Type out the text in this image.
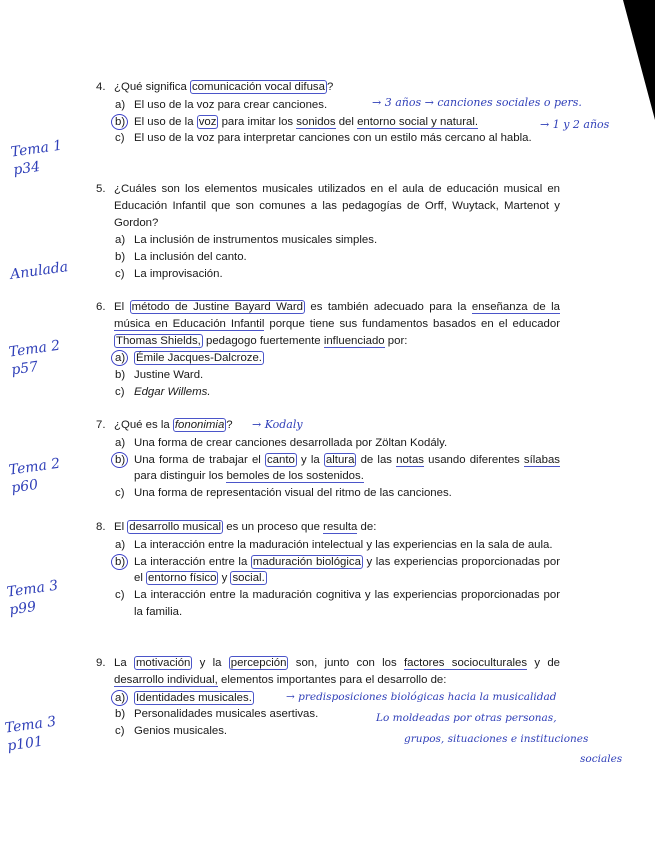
4. ¿Qué significa comunicación vocal difusa ?
a) El uso de la voz para crear canciones.
b) El uso de la voz para imitar los sonidos del entorno social y natural.
c) El uso de la voz para interpretar canciones con un estilo más cercano al habla.
5. ¿Cuáles son los elementos musicales utilizados en el aula de educación musical en Educación Infantil que son comunes a las pedagogías de Orff, Wuytack, Martenot y Gordon?
a) La inclusión de instrumentos musicales simples.
b) La inclusión del canto.
c) La improvisación.
6. El método de Justine Bayard Ward es también adecuado para la enseñanza de la música en Educación Infantil porque tiene sus fundamentos basados en el educador Thomas Shields, pedagogo fuertemente influenciado por:
a) Émile Jacques-Dalcroze.
b) Justine Ward.
c) Edgar Willems.
7. ¿Qué es la fononimia ?
a) Una forma de crear canciones desarrollada por Zöltan Kodály.
b) Una forma de trabajar el canto y la altura de las notas usando diferentes sílabas para distinguir los bemoles de los sostenidos.
c) Una forma de representación visual del ritmo de las canciones.
8. El desarrollo musical es un proceso que resulta de:
a) La interacción entre la maduración intelectual y las experiencias en la sala de aula.
b) La interacción entre la maduración biológica y las experiencias proporcionadas por el entorno físico y social.
c) La interacción entre la maduración cognitiva y las experiencias proporcionadas por la familia.
9. La motivación y la percepción son, junto con los factores socioculturales y de desarrollo individual, elementos importantes para el desarrollo de:
a) Identidades musicales.
b) Personalidades musicales asertivas.
c) Genios musicales.
Tema 1
p34
Anulada
Tema 2
p57
Tema 2
p60
Tema 3
p99
Tema 3
p101
→ 3 años → canciones sociales o pers.
→ 1 y 2 años
→ Kodaly
→ predisposiciones biológicas hacia la musicalidad
Lo moldeadas por otras personas,
grupos, situaciones e instituciones
sociales
